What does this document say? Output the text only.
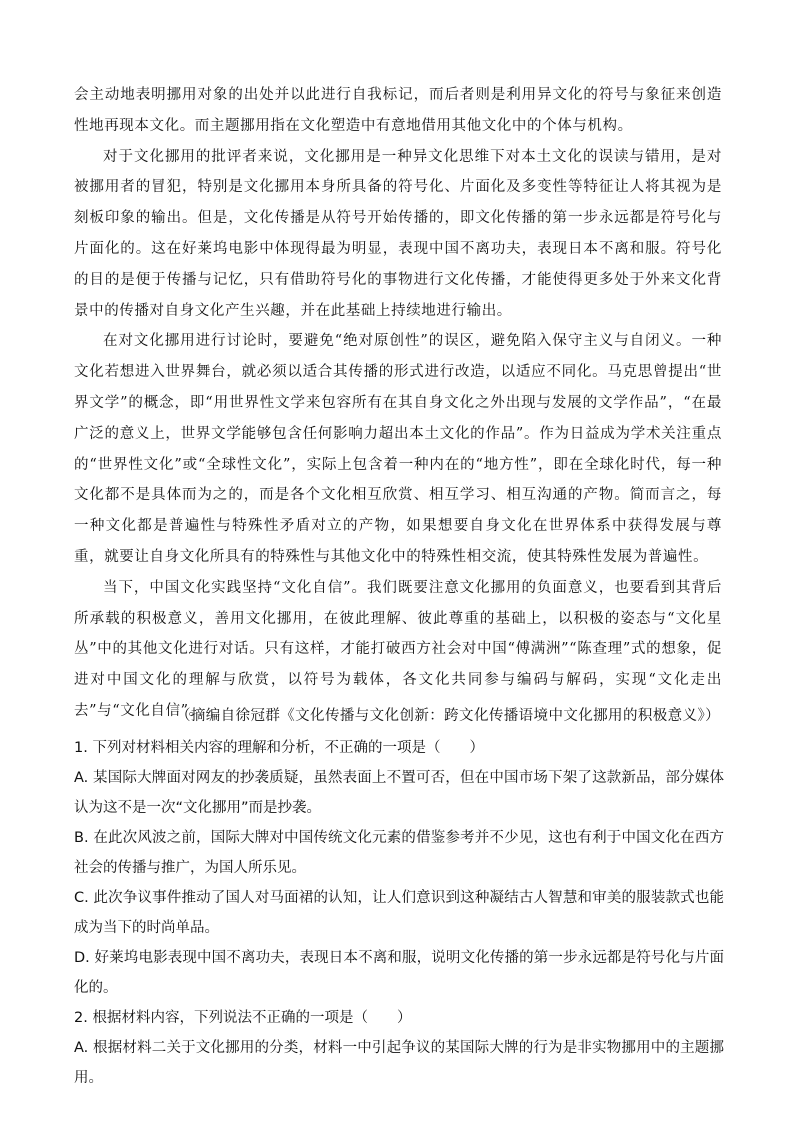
会主动地表明挪用对象的出处并以此进行自我标记，而后者则是利用异文化的符号与象征来创造性地再现本文化。而主题挪用指在文化塑造中有意地借用其他文化中的个体与机构。

对于文化挪用的批评者来说，文化挪用是一种异文化思维下对本土文化的误读与错用，是对被挪用者的冒犯，特别是文化挪用本身所具备的符号化、片面化及多变性等特征让人将其视为是刻板印象的输出。但是，文化传播是从符号开始传播的，即文化传播的第一步永远都是符号化与片面化的。这在好莱坞电影中体现得最为明显，表现中国不离功夫，表现日本不离和服。符号化的目的是便于传播与记忆，只有借助符号化的事物进行文化传播，才能使得更多处于外来文化背景中的传播对自身文化产生兴趣，并在此基础上持续地进行输出。

在对文化挪用进行讨论时，要避免“绝对原创性”的误区，避免陷入保守主义与自闭义。一种文化若想进入世界舞台，就必须以适合其传播的形式进行改造，以适应不同化。马克思曾提出“世界文学”的概念，即“用世界性文学来包容所有在其自身文化之外出现与发展的文学作品”，“在最广泛的意义上，世界文学能够包含任何影响力超出本土文化的作品”。作为日益成为学术关注重点的“世界性文化”或“全球性文化”，实际上包含着一种内在的“地方性”，即在全球化时代，每一种文化都不是具体而为之的，而是各个文化相互欣赏、相互学习、相互沟通的产物。简而言之，每一种文化都是普遍性与特殊性矛盾对立的产物，如果想要自身文化在世界体系中获得发展与尊重，就要让自身文化所具有的特殊性与其他文化中的特殊性相交流，使其特殊性发展为普遍性。

当下，中国文化实践坚持“文化自信”。我们既要注意文化挪用的负面意义，也要看到其背后所承载的积极意义，善用文化挪用，在彼此理解、彼此尊重的基础上，以积极的姿态与“文化星丛”中的其他文化进行对话。只有这样，才能打破西方社会对中国“傅满洲”“陈查理”式的想象，促进对中国文化的理解与欣赏，以符号为载体，各文化共同参与编码与解码，实现“文化走出去”与“文化自信”。

（摘编自徐冠群《文化传播与文化创新：跨文化传播语境中文化挪用的积极意义》）

1. 下列对材料相关内容的理解和分析，不正确的一项是（　　）

A. 某国际大牌面对网友的抄袭质疑，虽然表面上不置可否，但在中国市场下架了这款新品，部分媒体认为这不是一次“文化挪用”而是抄袭。

B. 在此次风波之前，国际大牌对中国传统文化元素的借鉴参考并不少见，这也有利于中国文化在西方社会的传播与推广，为国人所乐见。

C. 此次争议事件推动了国人对马面裙的认知，让人们意识到这种凝结古人智慧和审美的服装款式也能成为当下的时尚单品。

D. 好莱坞电影表现中国不离功夫，表现日本不离和服，说明文化传播的第一步永远都是符号化与片面化的。

2. 根据材料内容，下列说法不正确的一项是（　　）

A. 根据材料二关于文化挪用的分类，材料一中引起争议的某国际大牌的行为是非实物挪用中的主题挪用。
